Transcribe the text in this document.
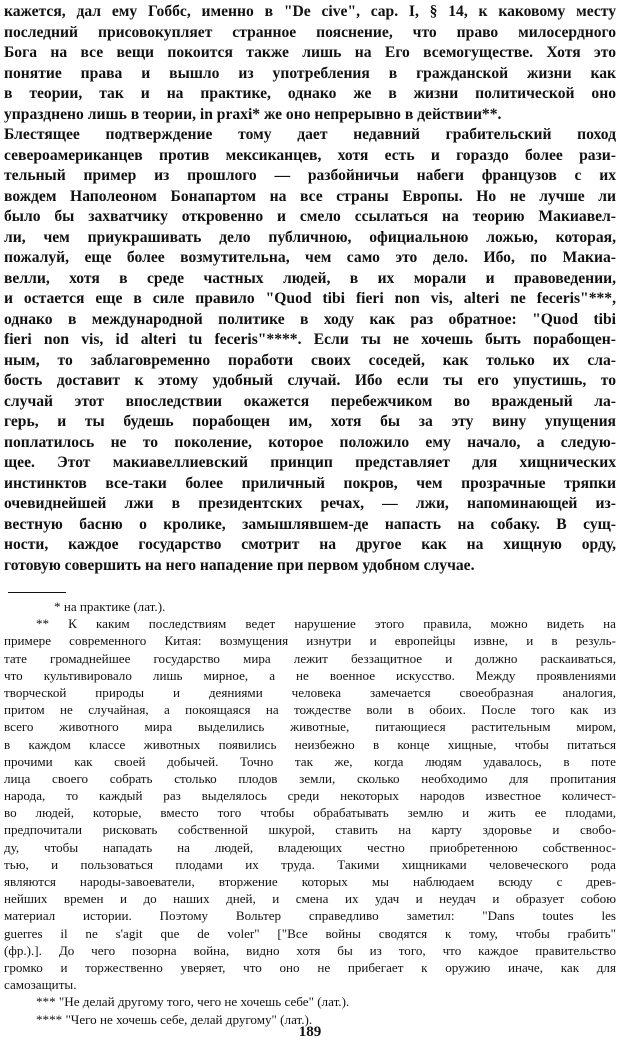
кажется, дал ему Гоббс, именно в "De cive", cap. I, § 14, к каковому месту
последний присовокупляет странное пояснение, что право милосердного
Бога на все вещи покоится также лишь на Его всемогуществе. Хотя это
понятие права и вышло из употребления в гражданской жизни как
в теории, так и на практике, однако же в жизни политической оно
упразднено лишь в теории, in praxi* же оно непрерывно в действии**.
Блестящее подтверждение тому дает недавний грабительский поход
североамериканцев против мексиканцев, хотя есть и гораздо более рази-
тельный пример из прошлого — разбойничьи набеги французов с их
вождем Наполеоном Бонапартом на все страны Европы. Но не лучше ли
было бы захватчику откровенно и смело ссылаться на теорию Макиавел-
ли, чем приукрашивать дело публичною, официальною ложью, которая,
пожалуй, еще более возмутительна, чем само это дело. Ибо, по Макиа-
велли, хотя в среде частных людей, в их морали и правоведении,
и остается еще в силе правило "Quod tibi fieri non vis, alteri ne feceris"***,
однако в международной политике в ходу как раз обратное: "Quod tibi
fieri non vis, id alteri tu feceris"****. Если ты не хочешь быть порабощен-
ным, то заблаговременно поработи своих соседей, как только их сла-
бость доставит к этому удобный случай. Ибо если ты его упустишь, то
случай этот впоследствии окажется перебежчиком во вражденый ла-
герь, и ты будешь порабощен им, хотя бы за эту вину упущения
поплатилось не то поколение, которое положило ему начало, а следую-
щее. Этот макиавеллиевский принцип представляет для хищнических
инстинктов все-таки более приличный покров, чем прозрачные тряпки
очевиднейшей лжи в президентских речах, — лжи, напоминающей из-
вестную басню о кролике, замышлявшем-де напасть на собаку. В сущ-
ности, каждое государство смотрит на другое как на хищную орду,
готовую совершить на него нападение при первом удобном случае.
* на практике (лат.).
** К каким последствиям ведет нарушение этого правила, можно видеть на
примере современного Китая: возмущения изнутри и европейцы извне, и в резуль-
тате громаднейшее государство мира лежит беззащитное и должно раскаиваться,
что культивировало лишь мирное, а не военное искусство. Между проявлениями
творческой природы и деяниями человека замечается своеобразная аналогия,
притом не случайная, а покоящаяся на тождестве воли в обоих. После того как из
всего животного мира выделились животные, питающиеся растительным миром,
в каждом классе животных появились неизбежно в конце хищные, чтобы питаться
прочими как своей добычей. Точно так же, когда людям удавалось, в поте
лица своего собрать столько плодов земли, сколько необходимо для пропитания
народа, то каждый раз выделялось среди некоторых народов известное количест-
во людей, которые, вместо того чтобы обрабатывать землю и жить ее плодами,
предпочитали рисковать собственной шкурой, ставить на карту здоровье и свобо-
ду, чтобы нападать на людей, владеющих честно приобретенною собственнос-
тью, и пользоваться плодами их труда. Такими хищниками человеческого рода
являются народы-завоеватели, вторжение которых мы наблюдаем всюду с древ-
нейших времен и до наших дней, и смена их удач и неудач и образует собою
материал истории. Поэтому Вольтер справедливо заметил: "Dans toutes les
guerres il ne s'agit que de voler" ["Все войны сводятся к тому, чтобы грабить"
(фр.).]. До чего позорна война, видно хотя бы из того, что каждое правительство
громко и торжественно уверяет, что оно не прибегает к оружию иначе, как для
самозащиты.
*** "Не делай другому того, чего не хочешь себе" (лат.).
**** "Чего не хочешь себе, делай другому" (лат.).
189
